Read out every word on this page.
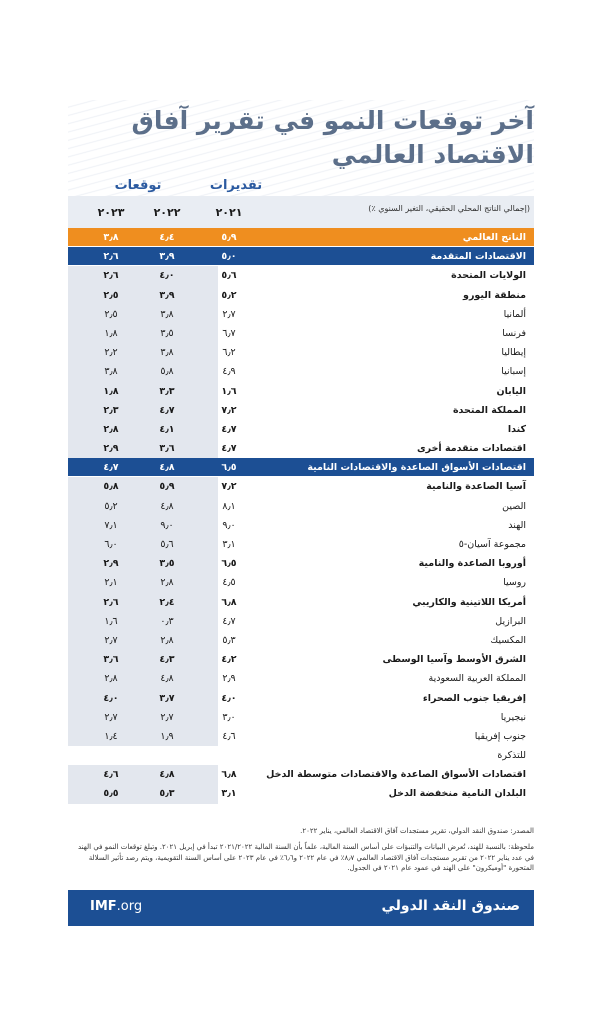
آخر توقعات النمو في تقرير آفاق الاقتصاد العالمي
تقديرات
توقعات
٢٠٢١
٢٠٢٢
٢٠٢٣	(إجمالي الناتج المحلي الحقيقي، التغير السنوي ٪)
الناتج العالمي
٥٫٩
٤٫٤
٣٫٨
الاقتصادات المتقدمة
٥٫٠
٣٫٩
٢٫٦
الولايات المتحدة
٥٫٦
٤٫٠
٢٫٦
منطقة اليورو
٥٫٢
٣٫٩
٢٫٥
ألمانيا
٢٫٧
٣٫٨
٢٫٥
فرنسا
٦٫٧
٣٫٥
١٫٨
إيطاليا
٦٫٢
٣٫٨
٢٫٢
إسبانيا
٤٫٩
٥٫٨
٣٫٨
اليابان
١٫٦
٣٫٣
١٫٨
المملكة المتحدة
٧٫٢
٤٫٧
٢٫٣
كندا
٤٫٧
٤٫١
٢٫٨
اقتصادات متقدمة أخرى
٤٫٧
٣٫٦
٢٫٩
اقتصادات الأسواق الصاعدة والاقتصادات النامية
٦٫٥
٤٫٨
٤٫٧
آسيا الصاعدة والنامية
٧٫٢
٥٫٩
٥٫٨
الصين
٨٫١
٤٫٨
٥٫٢
الهند
٩٫٠
٩٫٠
٧٫١
مجموعة آسيان-٥
٣٫١
٥٫٦
٦٫٠
أوروبا الصاعدة والنامية
٦٫٥
٣٫٥
٢٫٩
روسيا
٤٫٥
٢٫٨
٢٫١
أمريكا اللاتينية والكاريبي
٦٫٨
٢٫٤
٢٫٦
البرازيل
٤٫٧
٠٫٣
١٫٦
المكسيك
٥٫٣
٢٫٨
٢٫٧
الشرق الأوسط وآسيا الوسطى
٤٫٢
٤٫٣
٣٫٦
المملكة العربية السعودية
٢٫٩
٤٫٨
٢٫٨
إفريقيا جنوب الصحراء
٤٫٠
٣٫٧
٤٫٠
نيجيريا
٣٫٠
٢٫٧
٢٫٧
جنوب إفريقيا
٤٫٦
١٫٩
١٫٤
للتذكرة
اقتصادات الأسواق الصاعدة والاقتصادات متوسطة الدخل
٦٫٨
٤٫٨
٤٫٦
البلدان النامية منخفضة الدخل
٣٫١
٥٫٣
٥٫٥
المصدر: صندوق النقد الدولي، تقرير مستجدات آفاق الاقتصاد العالمي، يناير ٢٠٢٢.
ملحوظة: بالنسبة للهند، تُعرض البيانات والتنبؤات على أساس السنة المالية، علماً بأن السنة المالية ٢٠٢١/٢٠٢٢ تبدأ في إبريل ٢٠٢١. وتبلغ توقعات النمو في الهند في عدد يناير ٢٠٢٢ من تقرير مستجدات آفاق الاقتصاد العالمي ٨٫٧٪ في عام ٢٠٢٢ و٦٫٦٪ في عام ٢٠٢٣ على أساس السنة التقويمية، ويتم رصد تأثير السلالة المتحورة "أوميكرون" على الهند في عمود عام ٢٠٢١ في الجدول.
IMF.org	صندوق النقد الدولي
